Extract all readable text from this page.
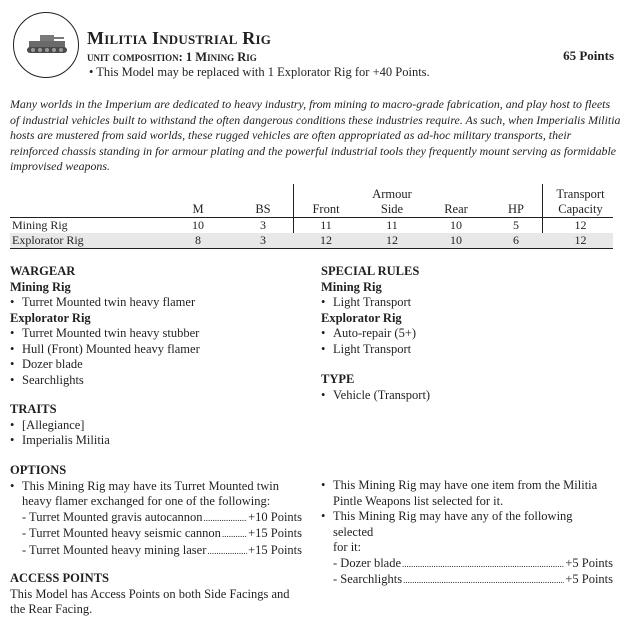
Militia Industrial Rig
unit composition: 1 Mining Rig	65 Points
• This Model may be replaced with 1 Explorator Rig for +40 Points.
Many worlds in the Imperium are dedicated to heavy industry, from mining to macro-grade fabrication, and play host to fleets of industrial vehicles built to withstand the often dangerous conditions these industries require. As such, when Imperialis Militia hosts are mustered from said worlds, these rugged vehicles are often appropriated as ad-hoc military transports, their reinforced chassis standing in for armour plating and the powerful industrial tools they frequently mount serving as formidable improvised weapons.
Armour	Transport
M	BS	Front	Side	Rear	HP	Capacity
Mining Rig	10	3	11	11	10	5	12
Explorator Rig	8	3	12	12	10	6	12
WARGEAR
Mining Rig
• Turret Mounted twin heavy flamer
Explorator Rig
• Turret Mounted twin heavy stubber
• Hull (Front) Mounted heavy flamer
• Dozer blade
• Searchlights
SPECIAL RULES
Mining Rig
• Light Transport
Explorator Rig
• Auto-repair (5+)
• Light Transport
TYPE
• Vehicle (Transport)
TRAITS
• [Allegiance]
• Imperialis Militia
OPTIONS
• This Mining Rig may have its Turret Mounted twin
heavy flamer exchanged for one of the following:
- Turret Mounted gravis autocannon .....	+10 Points
- Turret Mounted heavy seismic cannon ..... +15 Points
- Turret Mounted heavy mining laser .....	+15 Points
• This Mining Rig may have one item from the Militia
Pintle Weapons list selected for it.
• This Mining Rig may have any of the following selected
for it:
- Dozer blade .....	+5 Points
- Searchlights .....	+5 Points
ACCESS POINTS
This Model has Access Points on both Side Facings and
the Rear Facing.
